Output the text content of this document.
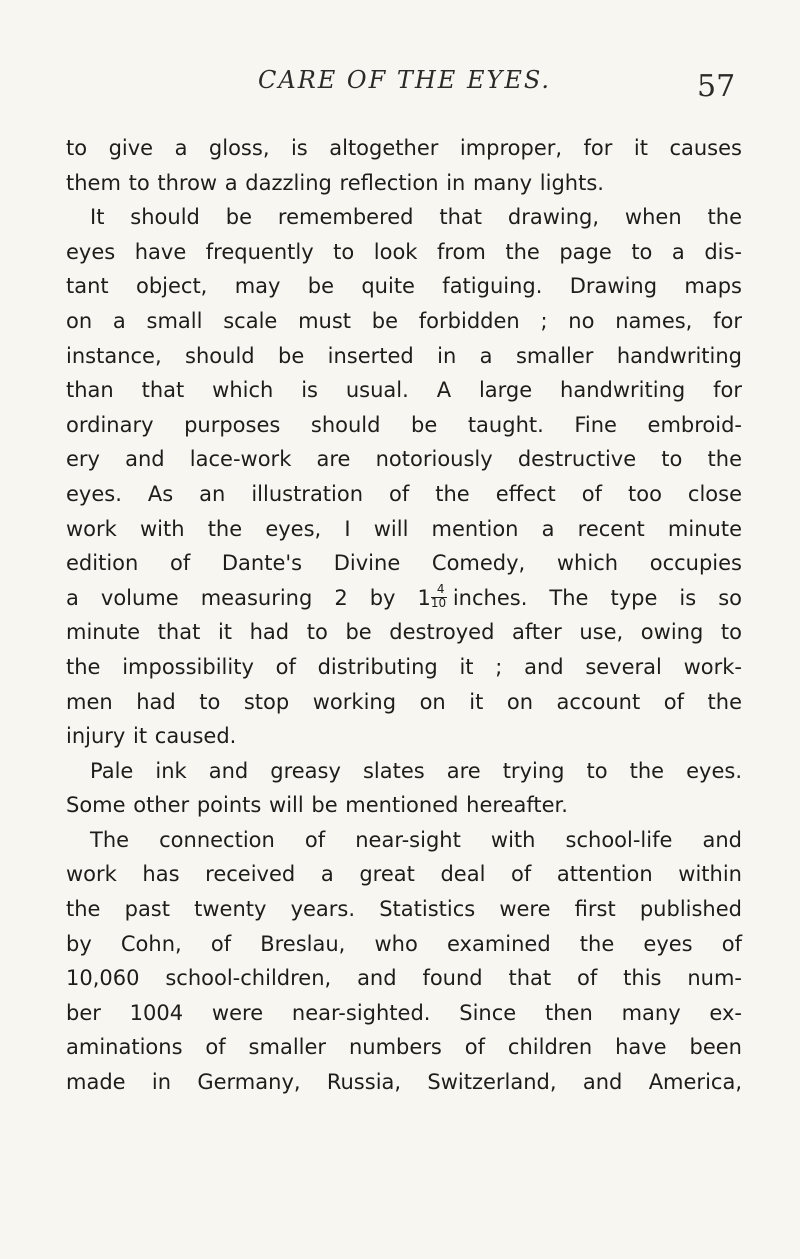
CARE OF THE EYES.	57
to give a gloss, is altogether improper, for it causes
them to throw a dazzling reflection in many lights.
It should be remembered that drawing, when the
eyes have frequently to look from the page to a dis-
tant object, may be quite fatiguing. Drawing maps
on a small scale must be forbidden ; no names, for
instance, should be inserted in a smaller handwriting
than that which is usual. A large handwriting for
ordinary purposes should be taught. Fine embroid-
ery and lace-work are notoriously destructive to the
eyes. As an illustration of the effect of too close
work with the eyes, I will mention a recent minute
edition of Dante's Divine Comedy, which occupies
a volume measuring 2 by $1 \frac{4}{10}$ inches. The type is so
minute that it had to be destroyed after use, owing to
the impossibility of distributing it ; and several work-
men had to stop working on it on account of the
injury it caused.
Pale ink and greasy slates are trying to the eyes.
Some other points will be mentioned hereafter.
The connection of near-sight with school-life and
work has received a great deal of attention within
the past twenty years. Statistics were first published
by Cohn, of Breslau, who examined the eyes of
10,060 school-children, and found that of this num-
ber 1004 were near-sighted. Since then many ex-
aminations of smaller numbers of children have been
made in Germany, Russia, Switzerland, and America,
